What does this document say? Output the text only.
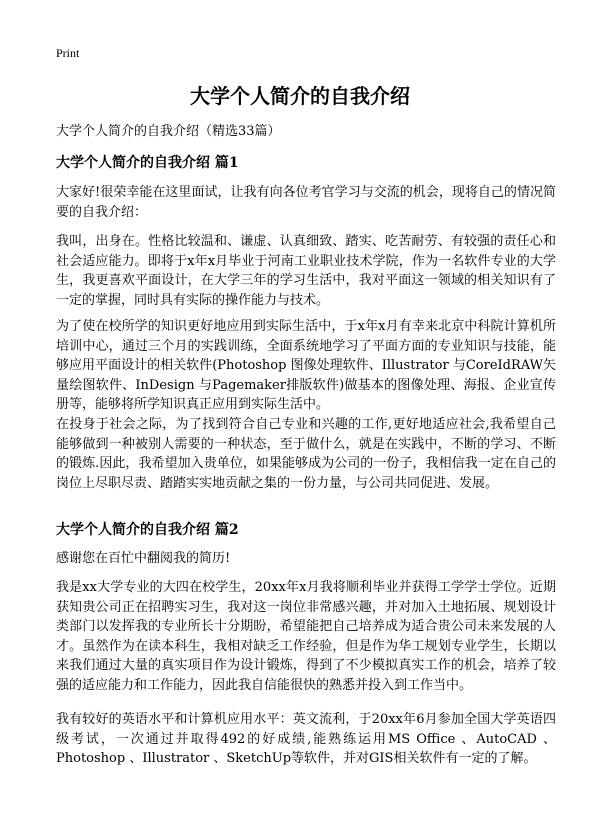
Print
大学个人简介的自我介绍

大学个人简介的自我介绍（精选33篇）

大学个人简介的自我介绍 篇1

大家好!很荣幸能在这里面试，让我有向各位考官学习与交流的机会，现将自己的情况简要的自我介绍：

我叫，出身在。性格比较温和、谦虚、认真细致、踏实、吃苦耐劳、有较强的责任心和社会适应能力。即将于x年x月毕业于河南工业职业技术学院，作为一名软件专业的大学生，我更喜欢平面设计，在大学三年的学习生活中，我对平面这一领域的相关知识有了一定的掌握，同时具有实际的操作能力与技术。

为了使在校所学的知识更好地应用到实际生活中，于x年x月有幸来北京中科院计算机所培训中心，通过三个月的实践训练，全面系统地学习了平面方面的专业知识与技能，能够应用平面设计的相关软件(Photoshop 图像处理软件、Illustrator 与CoreIdRAW矢量绘图软件、InDesign 与Pagemaker排版软件)做基本的图像处理、海报、企业宣传册等，能够将所学知识真正应用到实际生活中。

在投身于社会之际，为了找到符合自己专业和兴趣的工作,更好地适应社会,我希望自己能够做到一种被别人需要的一种状态，至于做什么，就是在实践中，不断的学习、不断的锻炼.因此，我希望加入贵单位，如果能够成为公司的一份子，我相信我一定在自己的岗位上尽职尽责、踏踏实实地贡献之集的一份力量，与公司共同促进、发展。

大学个人简介的自我介绍 篇2

感谢您在百忙中翻阅我的简历!

我是xx大学专业的大四在校学生，20xx年x月我将顺利毕业并获得工学学士学位。近期获知贵公司正在招聘实习生，我对这一岗位非常感兴趣，并对加入土地拓展、规划设计类部门以发挥我的专业所长十分期盼，希望能把自己培养成为适合贵公司未来发展的人才。虽然作为在读本科生，我相对缺乏工作经验，但是作为华工规划专业学生，长期以来我们通过大量的真实项目作为设计锻炼，得到了不少模拟真实工作的机会，培养了较强的适应能力和工作能力，因此我自信能很快的熟悉并投入到工作当中。

我有较好的英语水平和计算机应用水平：英文流利，于20xx年6月参加全国大学英语四级考试，一次通过并取得492的好成绩,能熟练运用MS Office 、AutoCAD 、Photoshop 、Illustrator 、SketchUp等软件，并对GIS相关软件有一定的了解。
